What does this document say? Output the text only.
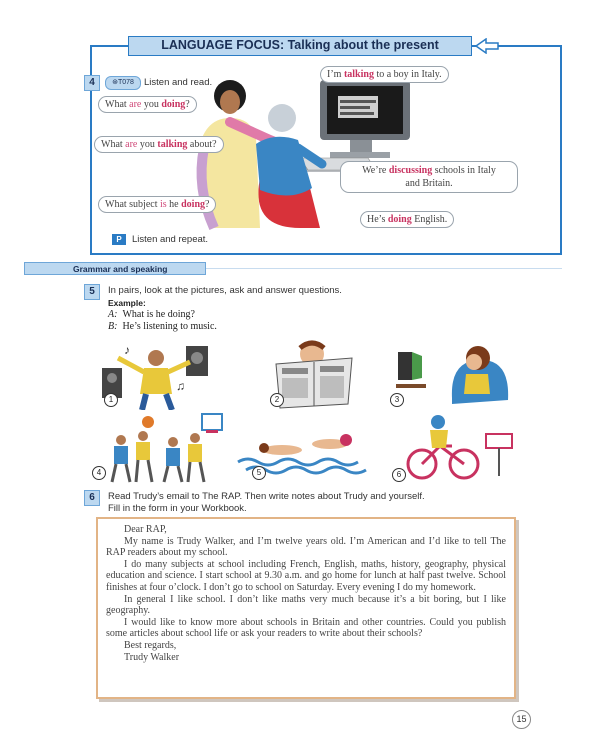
LANGUAGE FOCUS: Talking about the present
4	⊛T078	Listen and read.
I’m talking to a boy in Italy.
What are you doing?
What are you talking about?
We’re discussing schools in Italy
and Britain.
What subject is he doing?
He’s doing English.
P	Listen and repeat.
Grammar and speaking
5	In pairs, look at the pictures, ask and answer questions.
Example:
A: What is he doing?
B: He’s listening to music.
♪
♫
1	2	3
4	5	6
6	Read Trudy’s email to The RAP. Then write notes about Trudy and yourself.
Fill in the form in your Workbook.

Dear RAP,

My name is Trudy Walker, and I’m twelve years old. I’m American and I’d like to tell The RAP readers about my school.

I do many subjects at school including French, English, maths, history, geography, physical education and science. I start school at 9.30 a.m. and go home for lunch at half past twelve. School finishes at four o’clock. I don’t go to school on Saturday. Every evening I do my homework.

In general I like school. I don’t like maths very much because it’s a bit boring, but I like geography.

I would like to know more about schools in Britain and other countries. Could you publish some articles about school life or ask your readers to write about their schools?

Best regards,

Trudy Walker

15
